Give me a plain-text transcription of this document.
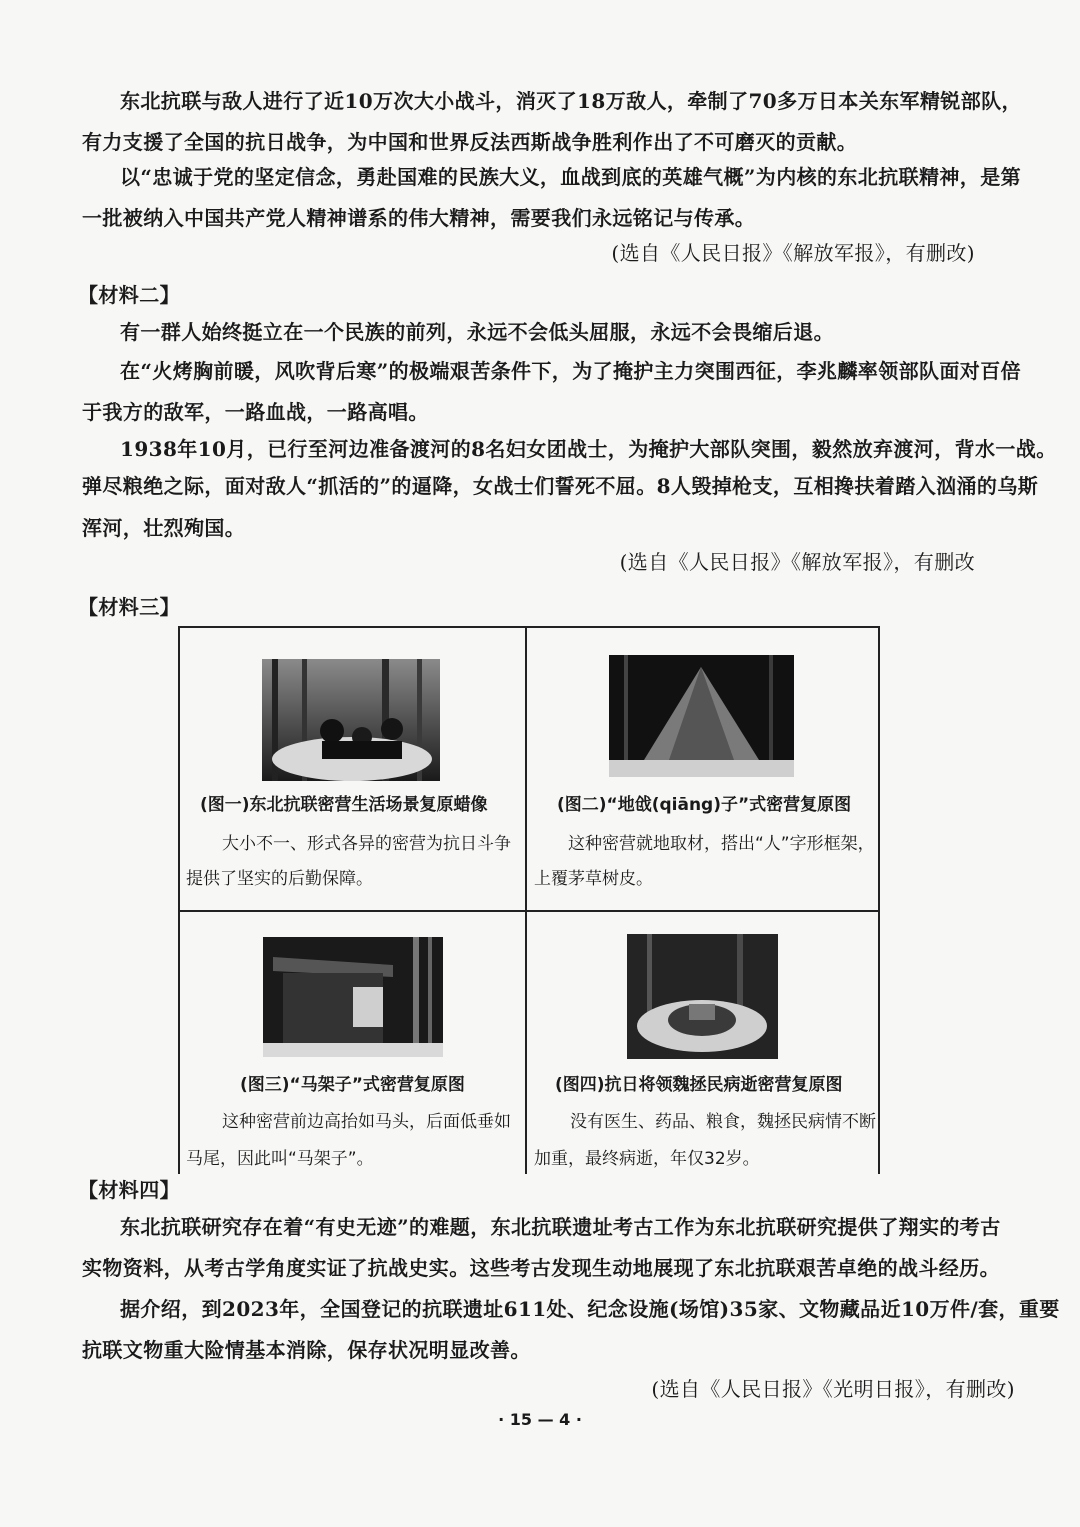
东北抗联与敌人进行了近10万次大小战斗，消灭了18万敌人，牵制了70多万日本关东军精锐部队，
有力支援了全国的抗日战争，为中国和世界反法西斯战争胜利作出了不可磨灭的贡献。
以“忠诚于党的坚定信念，勇赴国难的民族大义，血战到底的英雄气概”为内核的东北抗联精神，是第
一批被纳入中国共产党人精神谱系的伟大精神，需要我们永远铭记与传承。
(选自《人民日报》《解放军报》，有删改)
【材料二】
有一群人始终挺立在一个民族的前列，永远不会低头屈服，永远不会畏缩后退。
在“火烤胸前暖，风吹背后寒”的极端艰苦条件下，为了掩护主力突围西征，李兆麟率领部队面对百倍
于我方的敌军，一路血战，一路高唱。
1938年10月，已行至河边准备渡河的8名妇女团战士，为掩护大部队突围，毅然放弃渡河，背水一战。
弹尽粮绝之际，面对敌人“抓活的”的逼降，女战士们誓死不屈。8人毁掉枪支，互相搀扶着踏入汹涌的乌斯
浑河，壮烈殉国。
(选自《人民日报》《解放军报》，有删改
【材料三】
(图一)东北抗联密营生活场景复原蜡像
大小不一、形式各异的密营为抗日斗争
提供了坚实的后勤保障。
(图二)“地戗(qiāng)子”式密营复原图
这种密营就地取材，搭出“人”字形框架，
上覆茅草树皮。
(图三)“马架子”式密营复原图
这种密营前边高抬如马头，后面低垂如
马尾，因此叫“马架子”。
(图四)抗日将领魏拯民病逝密营复原图
没有医生、药品、粮食，魏拯民病情不断
加重，最终病逝，年仅32岁。
【材料四】
东北抗联研究存在着“有史无迹”的难题，东北抗联遗址考古工作为东北抗联研究提供了翔实的考古
实物资料，从考古学角度实证了抗战史实。这些考古发现生动地展现了东北抗联艰苦卓绝的战斗经历。
据介绍，到2023年，全国登记的抗联遗址611处、纪念设施(场馆)35家、文物藏品近10万件/套，重要
抗联文物重大险情基本消除，保存状况明显改善。
(选自《人民日报》《光明日报》，有删改)
· 15 — 4 ·
